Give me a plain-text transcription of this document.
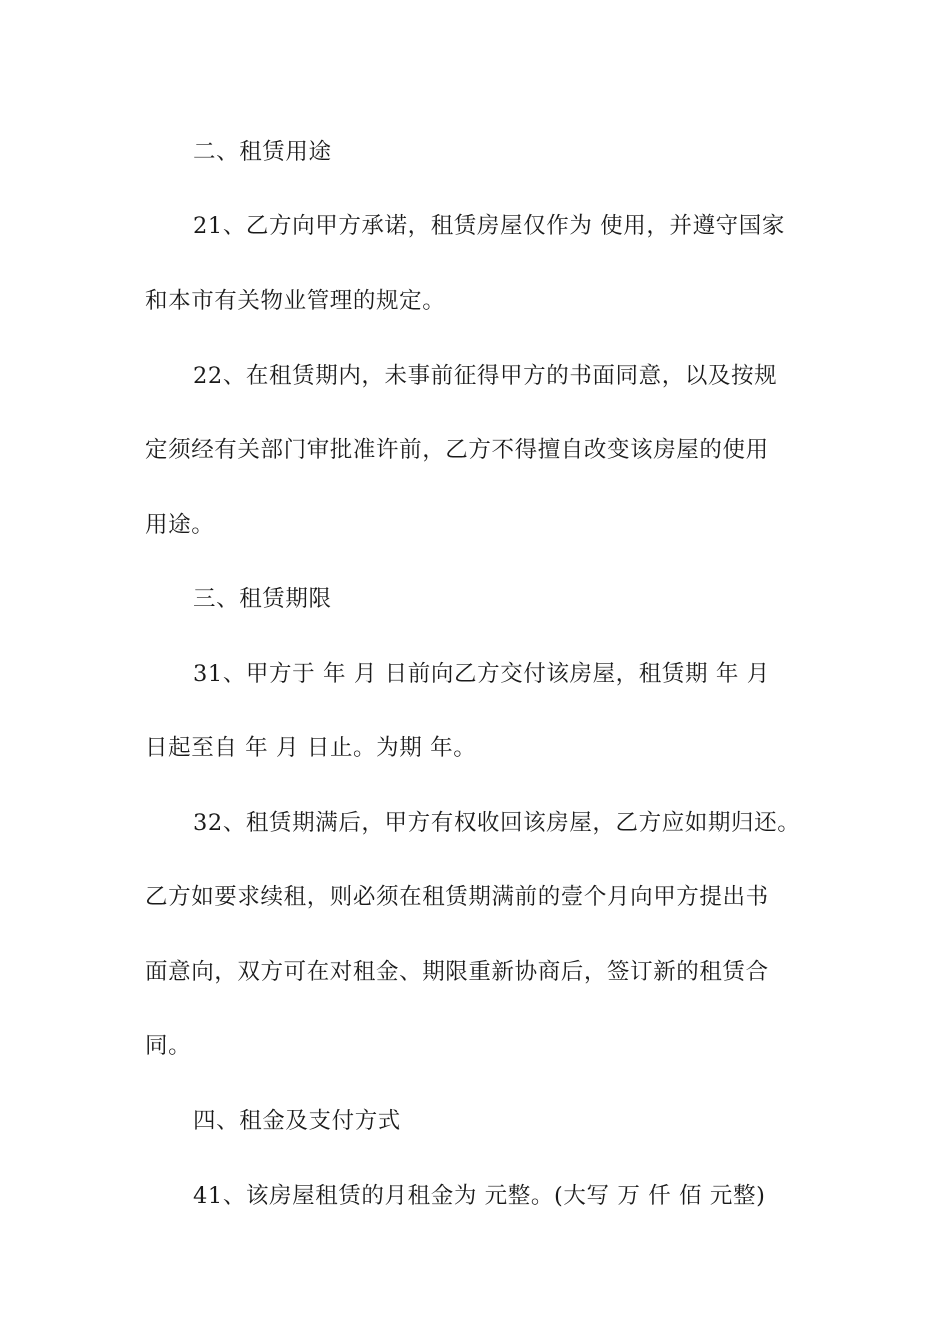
二、租赁用途
21、乙方向甲方承诺，租赁房屋仅作为 使用，并遵守国家
和本市有关物业管理的规定。
22、在租赁期内，未事前征得甲方的书面同意，以及按规
定须经有关部门审批准许前，乙方不得擅自改变该房屋的使用
用途。
三、租赁期限
31、甲方于 年 月 日前向乙方交付该房屋，租赁期 年 月
日起至自 年 月 日止。为期 年。
32、租赁期满后，甲方有权收回该房屋，乙方应如期归还。
乙方如要求续租，则必须在租赁期满前的壹个月向甲方提出书
面意向，双方可在对租金、期限重新协商后，签订新的租赁合
同。
四、租金及支付方式
41、该房屋租赁的月租金为 元整。(大写 万 仟 佰 元整)
